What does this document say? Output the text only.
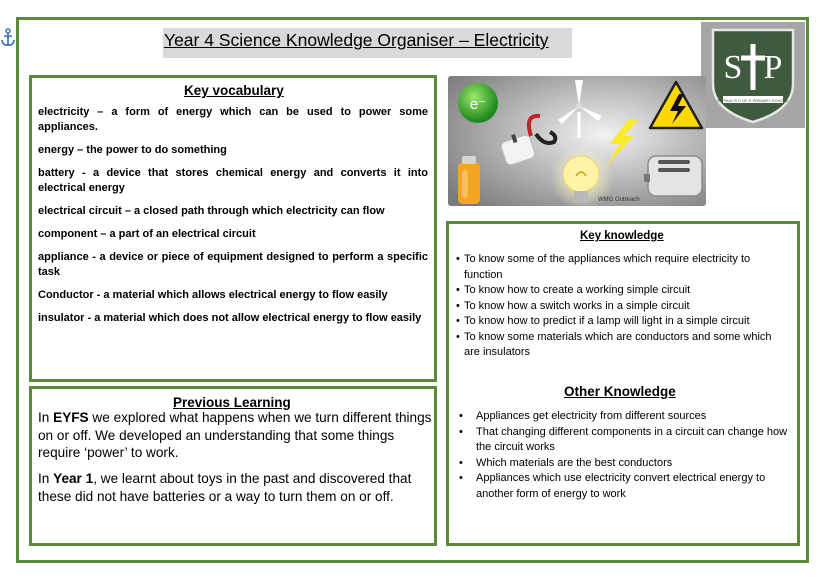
Year 4 Science Knowledge Organiser – Electricity
S P
ST PAUL'S C OF E PRIMARY SCHOOL
e⁻
WMG Outreach
Key vocabulary
electricity – a form of energy which can be used to power some appliances.
energy – the power to do something
battery - a device that stores chemical energy and converts it into electrical energy
electrical circuit – a closed path through which electricity can flow
component – a part of an electrical circuit
appliance - a device or piece of equipment designed to perform a specific task
Conductor - a material which allows electrical energy to flow easily
insulator - a material which does not allow electrical energy to flow easily
Previous Learning

In EYFS we explored what happens when we turn different things on or off. We developed an understanding that some things require ‘power’ to work.

In Year 1, we learnt about toys in the past and discovered that these did not have batteries or a way to turn them on or off.

Key knowledge
• To know some of the appliances which require electricity to function
• To know how to create a working simple circuit
• To know how a switch works in a simple circuit
• To know how to predict if a lamp will light in a simple circuit
• To know some materials which are conductors and some which are insulators
Other Knowledge
• Appliances get electricity from different sources
• That changing different components in a circuit can change how the circuit works
• Which materials are the best conductors
• Appliances which use electricity convert electrical energy to another form of energy to work
